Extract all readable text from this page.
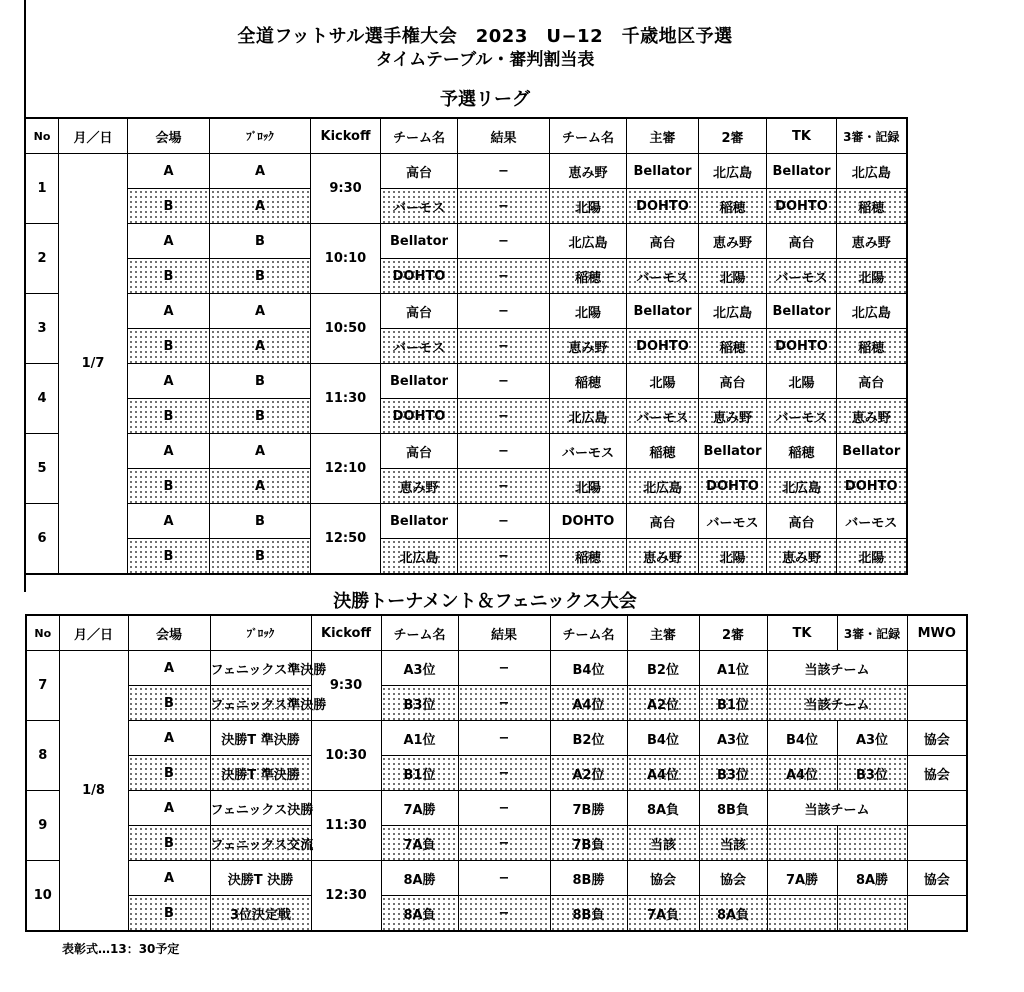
全道フットサル選手権大会　2023　U−12　千歳地区予選
タイムテーブル・審判割当表
予選リーグ
No	月／日	会場	ﾌﾞﾛｯｸ	Kickoff	チーム名	結果	チーム名	主審	2審	TK	3審・記録
1	1/7	A	A	9:30	高台	−	恵み野	Bellator	北広島	Bellator	北広島
		B	A		バーモス	−	北陽	DOHTO	稲穂	DOHTO	稲穂
2		A	B	10:10	Bellator	−	北広島	高台	恵み野	高台	恵み野
		B	B		DOHTO	−	稲穂	バーモス	北陽	バーモス	北陽
3		A	A	10:50	高台	−	北陽	Bellator	北広島	Bellator	北広島
		B	A		バーモス	−	恵み野	DOHTO	稲穂	DOHTO	稲穂
4		A	B	11:30	Bellator	−	稲穂	北陽	高台	北陽	高台
		B	B		DOHTO	−	北広島	バーモス	恵み野	バーモス	恵み野
5		A	A	12:10	高台	−	バーモス	稲穂	Bellator	稲穂	Bellator
		B	A		恵み野	−	北陽	北広島	DOHTO	北広島	DOHTO
6		A	B	12:50	Bellator	−	DOHTO	高台	バーモス	高台	バーモス
		B	B		北広島	−	稲穂	恵み野	北陽	恵み野	北陽
決勝トーナメント＆フェニックス大会
No	月／日	会場	ﾌﾞﾛｯｸ	Kickoff	チーム名	結果	チーム名	主審	2審	TK	3審・記録	MWO
7	1/8	A	フェニックス準決勝	9:30	A3位	−	B4位	B2位	A1位	当該チーム		
		B	フェニックス準決勝		B3位	−	A4位	A2位	B1位	当該チーム		
8		A	決勝T 準決勝	10:30	A1位	−	B2位	B4位	A3位	B4位	A3位	協会
		B	決勝T 準決勝		B1位	−	A2位	A4位	B3位	A4位	B3位	協会
9		A	フェニックス決勝	11:30	7A勝	−	7B勝	8A負	8B負	当該チーム		
		B	フェニックス交流		7A負	−	7B負	当該	当該			
10		A	決勝T 決勝	12:30	8A勝	−	8B勝	協会	協会	7A勝	8A勝	協会
		B	3位決定戦		8A負	−	8B負	7A負	8A負			
表彰式…13：30予定
